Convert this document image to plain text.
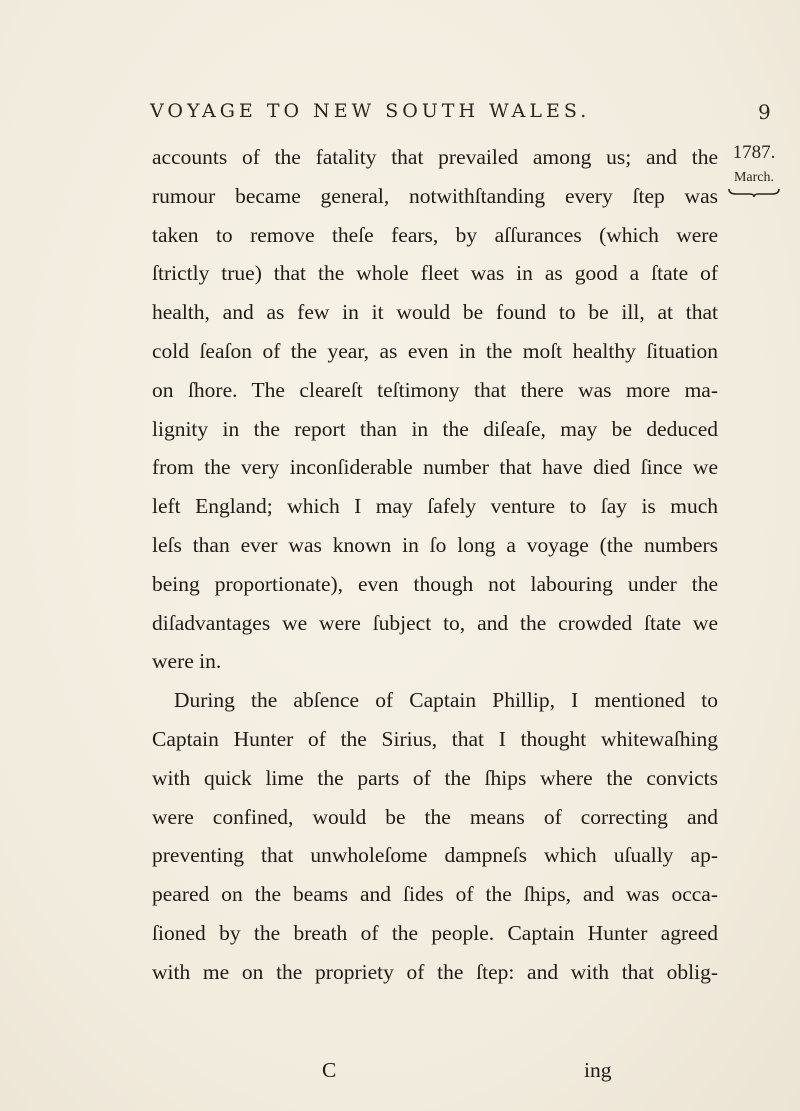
VOYAGE TO NEW SOUTH WALES.	9
1787.
March.
accounts of the fatality that prevailed among us; and the
rumour became general, notwithſtanding every ſtep was
taken to remove theſe fears, by aſſurances (which were
ſtrictly true) that the whole fleet was in as good a ſtate of
health, and as few in it would be found to be ill, at that
cold ſeaſon of the year, as even in the moſt healthy ſituation
on ſhore. The cleareſt teſtimony that there was more ma-
lignity in the report than in the diſeaſe, may be deduced
from the very inconſiderable number that have died ſince we
left England; which I may ſafely venture to ſay is much
leſs than ever was known in ſo long a voyage (the numbers
being proportionate), even though not labouring under the
diſadvantages we were ſubject to, and the crowded ſtate we
were in.
During the abſence of Captain Phillip, I mentioned to
Captain Hunter of the Sirius, that I thought whitewaſhing
with quick lime the parts of the ſhips where the convicts
were confined, would be the means of correcting and
preventing that unwholeſome dampneſs which uſually ap-
peared on the beams and ſides of the ſhips, and was occa-
ſioned by the breath of the people. Captain Hunter agreed
with me on the propriety of the ſtep: and with that oblig-
C	ing
